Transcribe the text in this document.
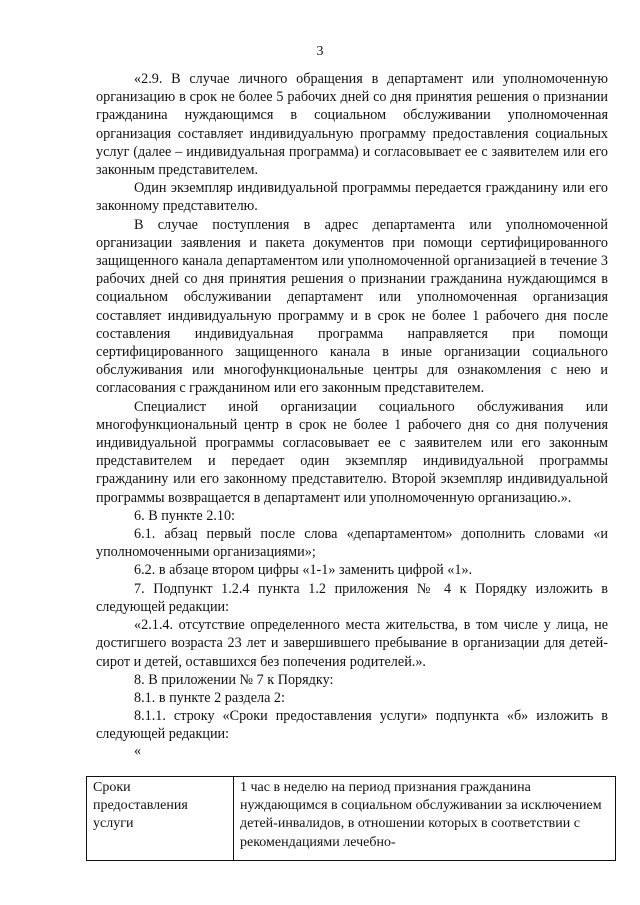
3

«2.9. В случае личного обращения в департамент или уполномоченную организацию в срок не более 5 рабочих дней со дня принятия решения о признании гражданина нуждающимся в социальном обслуживании уполномоченная организация составляет индивидуальную программу предоставления социальных услуг (далее – индивидуальная программа) и согласовывает ее с заявителем или его законным представителем.

Один экземпляр индивидуальной программы передается гражданину или его законному представителю.

В случае поступления в адрес департамента или уполномоченной организации заявления и пакета документов при помощи сертифицированного защищенного канала департаментом или уполномоченной организацией в течение 3 рабочих дней со дня принятия решения о признании гражданина нуждающимся в социальном обслуживании департамент или уполномоченная организация составляет индивидуальную программу и в срок не более 1 рабочего дня после составления индивидуальная программа направляется при помощи сертифицированного защищенного канала в иные организации социального обслуживания или многофункциональные центры для ознакомления с нею и согласования с гражданином или его законным представителем.

Специалист иной организации социального обслуживания или многофункциональный центр в срок не более 1 рабочего дня со дня получения индивидуальной программы согласовывает ее с заявителем или его законным представителем и передает один экземпляр индивидуальной программы гражданину или его законному представителю. Второй экземпляр индивидуальной программы возвращается в департамент или уполномоченную организацию.».

6. В пункте 2.10:

6.1. абзац первый после слова «департаментом» дополнить словами «и уполномоченными организациями»;

6.2. в абзаце втором цифры «1-1» заменить цифрой «1».

7. Подпункт 1.2.4 пункта 1.2 приложения № 4 к Порядку изложить в следующей редакции:

«2.1.4. отсутствие определенного места жительства, в том числе у лица, не достигшего возраста 23 лет и завершившего пребывание в организации для детей-сирот и детей, оставшихся без попечения родителей.».

8. В приложении № 7 к Порядку:

8.1. в пункте 2 раздела 2:

8.1.1. строку «Сроки предоставления услуги» подпункта «б» изложить в следующей редакции:

«

Сроки предоставления услуги	1 час в неделю на период признания гражданина нуждающимся в социальном обслуживании за исключением детей-инвалидов, в отношении которых в соответствии с рекомендациями лечебно-
